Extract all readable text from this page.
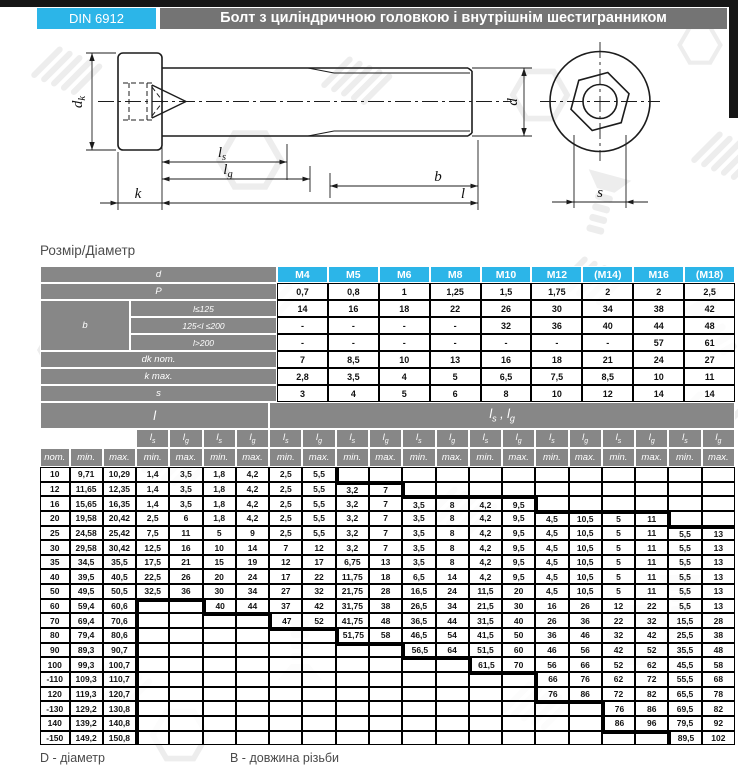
DIN 6912	Болт з циліндричною головкою і внутрішнім шестигранником
$d_k$
k
$l_s$
$l_g$	b
l
d
s
Розмір/Діаметр
d		M4	M5	M6	M8	M10	M12	(M14)	M16	(M18)
P		0,7	0,8	1	1,25	1,5	1,75	2	2	2,5
b	l≤125	14	16	18	22	26	30	34	38	42
	125<l ≤200	-	-	-	-	32	36	40	44	48
	l>200	-	-	-	-	-	-	-	57	61
dk nom.		7	8,5	10	13	16	18	21	24	27
k max.		2,8	3,5	4	5	6,5	7,5	8,5	10	11
s		3	4	5	6	8	10	12	14	14
l							$l_s$ , $l_g$
			$l_s$	$l_g$	$l_s$	$l_g$	$l_s$	$l_g$	$l_s$	$l_g$	$l_s$	$l_g$	$l_s$	$l_g$	$l_s$	$l_g$	$l_s$	$l_g$	$l_s$	$l_g$
nom.	min.	max.	min.	max.	min.	max.	min.	max.	min.	max.	min.	max.	min.	max.	min.	max.	min.	max.	min.	max.
10	9,71	10,29	1,4	3,5	1,8	4,2	2,5	5,5												
12	11,65	12,35	1,4	3,5	1,8	4,2	2,5	5,5	3,2	7										
16	15,65	16,35	1,4	3,5	1,8	4,2	2,5	5,5	3,2	7	3,5	8	4,2	9,5						
20	19,58	20,42	2,5	6	1,8	4,2	2,5	5,5	3,2	7	3,5	8	4,2	9,5	4,5	10,5	5	11		
25	24,58	25,42	7,5	11	5	9	2,5	5,5	3,2	7	3,5	8	4,2	9,5	4,5	10,5	5	11	5,5	13
30	29,58	30,42	12,5	16	10	14	7	12	3,2	7	3,5	8	4,2	9,5	4,5	10,5	5	11	5,5	13
35	34,5	35,5	17,5	21	15	19	12	17	6,75	13	3,5	8	4,2	9,5	4,5	10,5	5	11	5,5	13
40	39,5	40,5	22,5	26	20	24	17	22	11,75	18	6,5	14	4,2	9,5	4,5	10,5	5	11	5,5	13
50	49,5	50,5	32,5	36	30	34	27	32	21,75	28	16,5	24	11,5	20	4,5	10,5	5	11	5,5	13
60	59,4	60,6			40	44	37	42	31,75	38	26,5	34	21,5	30	16	26	12	22	5,5	13
70	69,4	70,6					47	52	41,75	48	36,5	44	31,5	40	26	36	22	32	15,5	28
80	79,4	80,6							51,75	58	46,5	54	41,5	50	36	46	32	42	25,5	38
90	89,3	90,7									56,5	64	51,5	60	46	56	42	52	35,5	48
100	99,3	100,7											61,5	70	56	66	52	62	45,5	58
-110	109,3	110,7													66	76	62	72	55,5	68
120	119,3	120,7													76	86	72	82	65,5	78
-130	129,2	130,8															76	86	69,5	82
140	139,2	140,8															86	96	79,5	92
-150	149,2	150,8																	89,5	102
D - діаметр	B - довжина різьби
